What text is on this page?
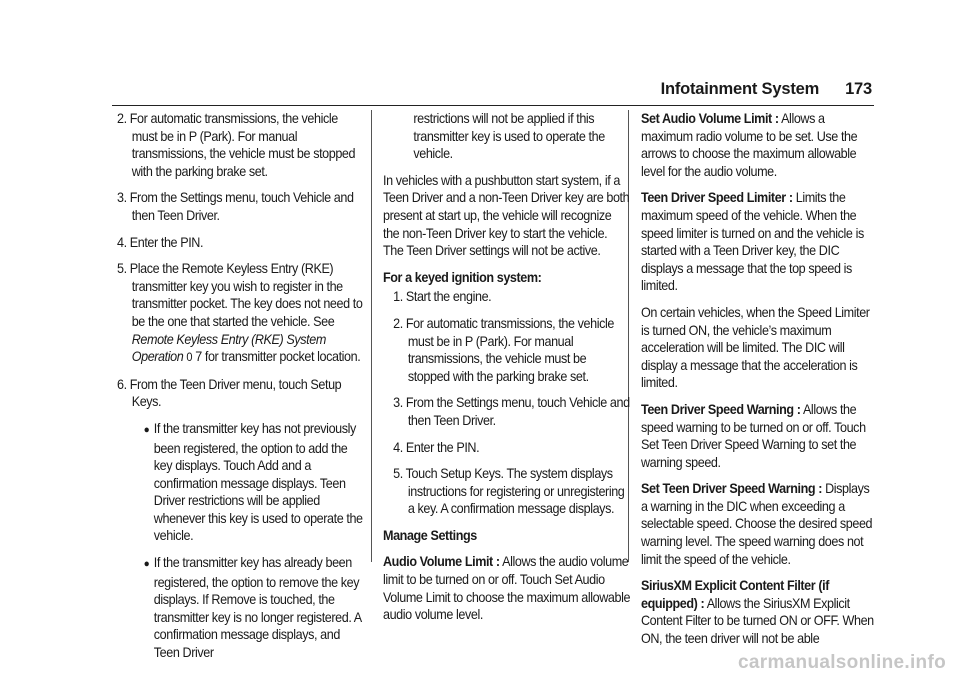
Infotainment System 173

2. For automatic transmissions, the vehicle must be in P (Park). For manual transmissions, the vehicle must be stopped with the parking brake set.

3. From the Settings menu, touch Vehicle and then Teen Driver.

4. Enter the PIN.

5. Place the Remote Keyless Entry (RKE) transmitter key you wish to register in the transmitter pocket. The key does not need to be the one that started the vehicle. See Remote Keyless Entry (RKE) System Operation 0 7 for transmitter pocket location.

6. From the Teen Driver menu, touch Setup Keys.

● If the transmitter key has not previously been registered, the option to add the key displays. Touch Add and a confirmation message displays. Teen Driver restrictions will be applied whenever this key is used to operate the vehicle.

● If the transmitter key has already been registered, the option to remove the key displays. If Remove is touched, the transmitter key is no longer registered. A confirmation message displays, and Teen Driver

restrictions will not be applied if this transmitter key is used to operate the vehicle.

In vehicles with a pushbutton start system, if a Teen Driver and a non-Teen Driver key are both present at start up, the vehicle will recognize the non-Teen Driver key to start the vehicle. The Teen Driver settings will not be active.

For a keyed ignition system:

1. Start the engine.

2. For automatic transmissions, the vehicle must be in P (Park). For manual transmissions, the vehicle must be stopped with the parking brake set.

3. From the Settings menu, touch Vehicle and then Teen Driver.

4. Enter the PIN.

5. Touch Setup Keys. The system displays instructions for registering or unregistering a key. A confirmation message displays.

Manage Settings

Audio Volume Limit : Allows the audio volume limit to be turned on or off. Touch Set Audio Volume Limit to choose the maximum allowable audio volume level.

Set Audio Volume Limit : Allows a maximum radio volume to be set. Use the arrows to choose the maximum allowable level for the audio volume.

Teen Driver Speed Limiter : Limits the maximum speed of the vehicle. When the speed limiter is turned on and the vehicle is started with a Teen Driver key, the DIC displays a message that the top speed is limited.

On certain vehicles, when the Speed Limiter is turned ON, the vehicle’s maximum acceleration will be limited. The DIC will display a message that the acceleration is limited.

Teen Driver Speed Warning : Allows the speed warning to be turned on or off. Touch Set Teen Driver Speed Warning to set the warning speed.

Set Teen Driver Speed Warning : Displays a warning in the DIC when exceeding a selectable speed. Choose the desired speed warning level. The speed warning does not limit the speed of the vehicle.

SiriusXM Explicit Content Filter (if equipped) : Allows the SiriusXM Explicit Content Filter to be turned ON or OFF. When ON, the teen driver will not be able

carmanualsonline.info
